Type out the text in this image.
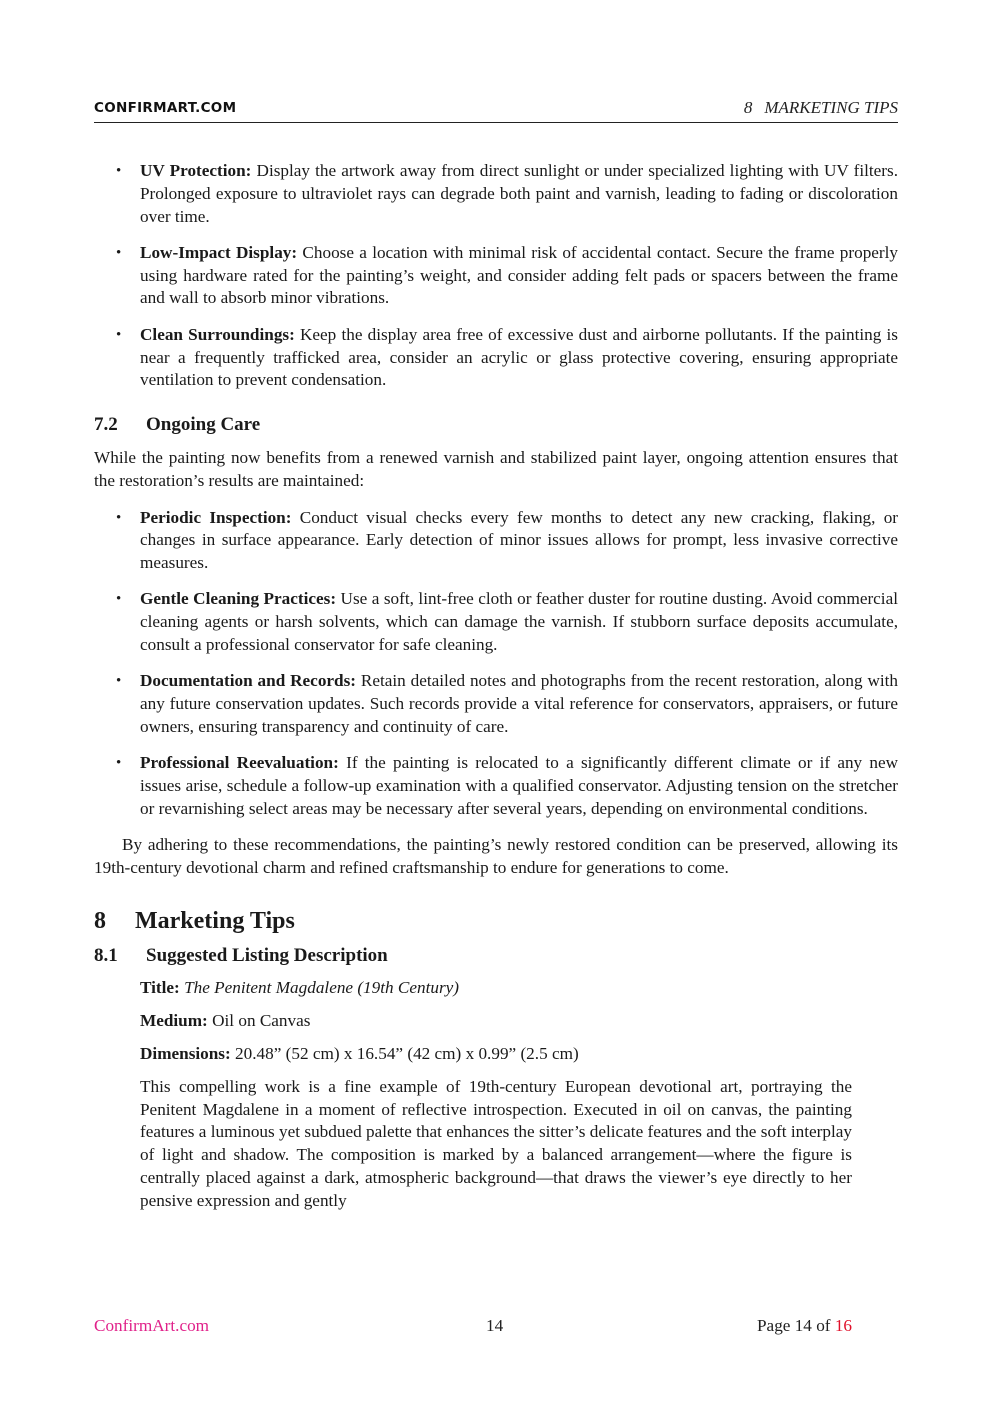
CONFIRMART.COM	8 MARKETING TIPS
• UV Protection: Display the artwork away from direct sunlight or under specialized lighting with UV filters. Prolonged exposure to ultraviolet rays can degrade both paint and varnish, leading to fading or discoloration over time.
• Low-Impact Display: Choose a location with minimal risk of accidental contact. Secure the frame properly using hardware rated for the painting’s weight, and consider adding felt pads or spacers between the frame and wall to absorb minor vibrations.
• Clean Surroundings: Keep the display area free of excessive dust and airborne pollutants. If the painting is near a frequently trafficked area, consider an acrylic or glass protective covering, ensuring appropriate ventilation to prevent condensation.
7.2 Ongoing Care

While the painting now benefits from a renewed varnish and stabilized paint layer, ongoing attention ensures that the restoration’s results are maintained:

• Periodic Inspection: Conduct visual checks every few months to detect any new cracking, flaking, or changes in surface appearance. Early detection of minor issues allows for prompt, less invasive corrective measures.
• Gentle Cleaning Practices: Use a soft, lint-free cloth or feather duster for routine dusting. Avoid commercial cleaning agents or harsh solvents, which can damage the varnish. If stubborn surface deposits accumulate, consult a professional conservator for safe cleaning.
• Documentation and Records: Retain detailed notes and photographs from the recent restoration, along with any future conservation updates. Such records provide a vital reference for conservators, appraisers, or future owners, ensuring transparency and continuity of care.
• Professional Reevaluation: If the painting is relocated to a significantly different climate or if any new issues arise, schedule a follow-up examination with a qualified conservator. Adjusting tension on the stretcher or revarnishing select areas may be necessary after several years, depending on environmental conditions.

By adhering to these recommendations, the painting’s newly restored condition can be preserved, allowing its 19th-century devotional charm and refined craftsmanship to endure for generations to come.

8 Marketing Tips
8.1 Suggested Listing Description

Title: The Penitent Magdalene (19th Century)

Medium: Oil on Canvas

Dimensions: 20.48” (52 cm) x 16.54” (42 cm) x 0.99” (2.5 cm)

This compelling work is a fine example of 19th-century European devotional art, portraying the Penitent Magdalene in a moment of reflective introspection. Executed in oil on canvas, the painting features a luminous yet subdued palette that enhances the sitter’s delicate features and the soft interplay of light and shadow. The composition is marked by a balanced arrangement—where the figure is centrally placed against a dark, atmospheric background—that draws the viewer’s eye directly to her pensive expression and gently

ConfirmArt.com	14	Page 14 of 16
